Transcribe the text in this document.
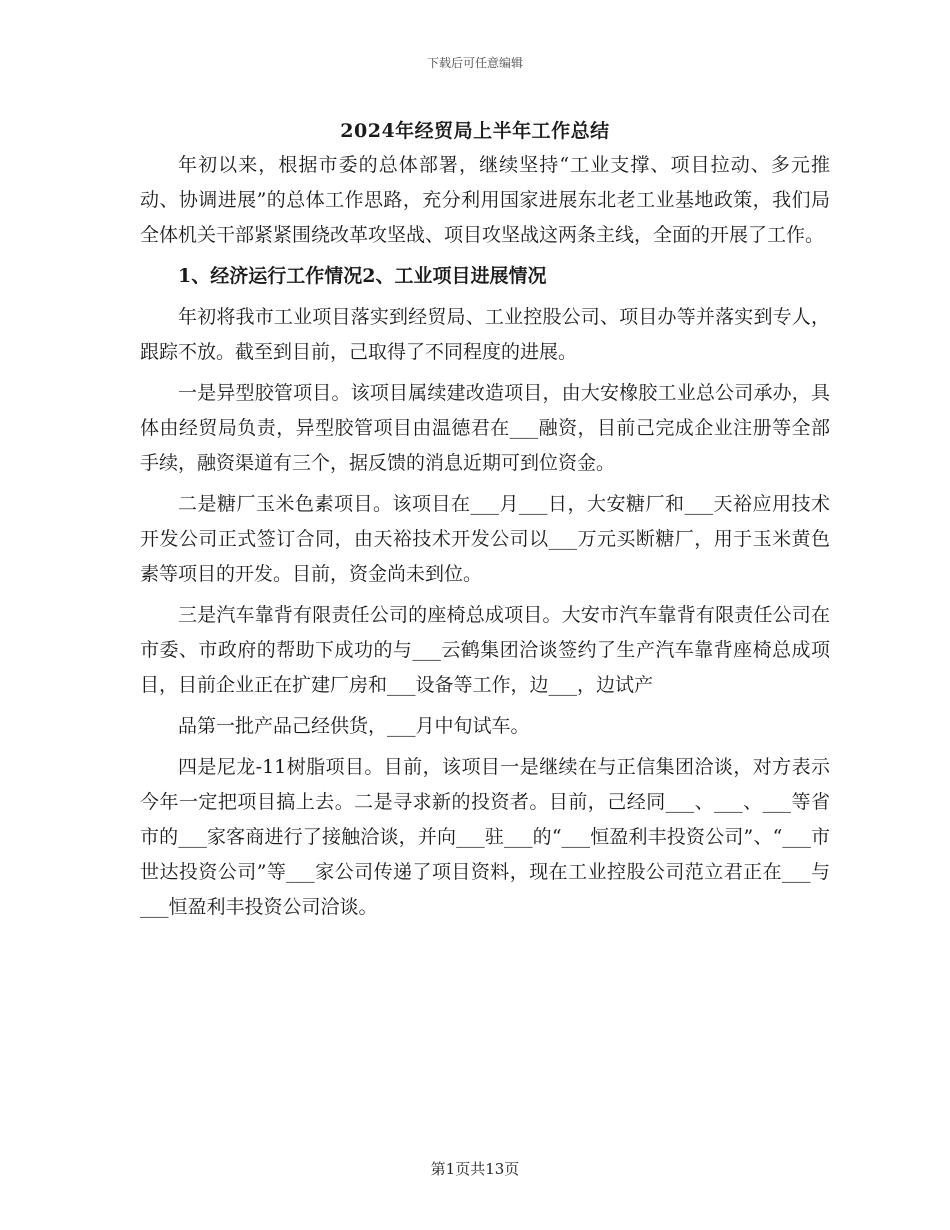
下载后可任意编辑
2024年经贸局上半年工作总结

年初以来，根据市委的总体部署，继续坚持“工业支撑、项目拉动、多元推动、协调进展”的总体工作思路，充分利用国家进展东北老工业基地政策，我们局全体机关干部紧紧围绕改革攻坚战、项目攻坚战这两条主线，全面的开展了工作。

1、经济运行工作情况2、工业项目进展情况

年初将我市工业项目落实到经贸局、工业控股公司、项目办等并落实到专人，跟踪不放。截至到目前，己取得了不同程度的进展。

一是异型胶管项目。该项目属续建改造项目，由大安橡胶工业总公司承办，具体由经贸局负责，异型胶管项目由温德君在___融资，目前己完成企业注册等全部手续，融资渠道有三个，据反馈的消息近期可到位资金。

二是糖厂玉米色素项目。该项目在___月___日，大安糖厂和___天裕应用技术开发公司正式签订合同，由天裕技术开发公司以___万元买断糖厂，用于玉米黄色素等项目的开发。目前，资金尚未到位。

三是汽车靠背有限责任公司的座椅总成项目。大安市汽车靠背有限责任公司在市委、市政府的帮助下成功的与___云鹤集团洽谈签约了生产汽车靠背座椅总成项目，目前企业正在扩建厂房和___设备等工作，边___，边试产

品第一批产品己经供货，___月中旬试车。

四是尼龙-11树脂项目。目前，该项目一是继续在与正信集团洽谈，对方表示今年一定把项目搞上去。二是寻求新的投资者。目前，己经同___、___、___等省市的___家客商进行了接触洽谈，并向___驻___的“___恒盈利丰投资公司”、“___市世达投资公司”等___家公司传递了项目资料，现在工业控股公司范立君正在___与___恒盈利丰投资公司洽谈。

第1页共13页
